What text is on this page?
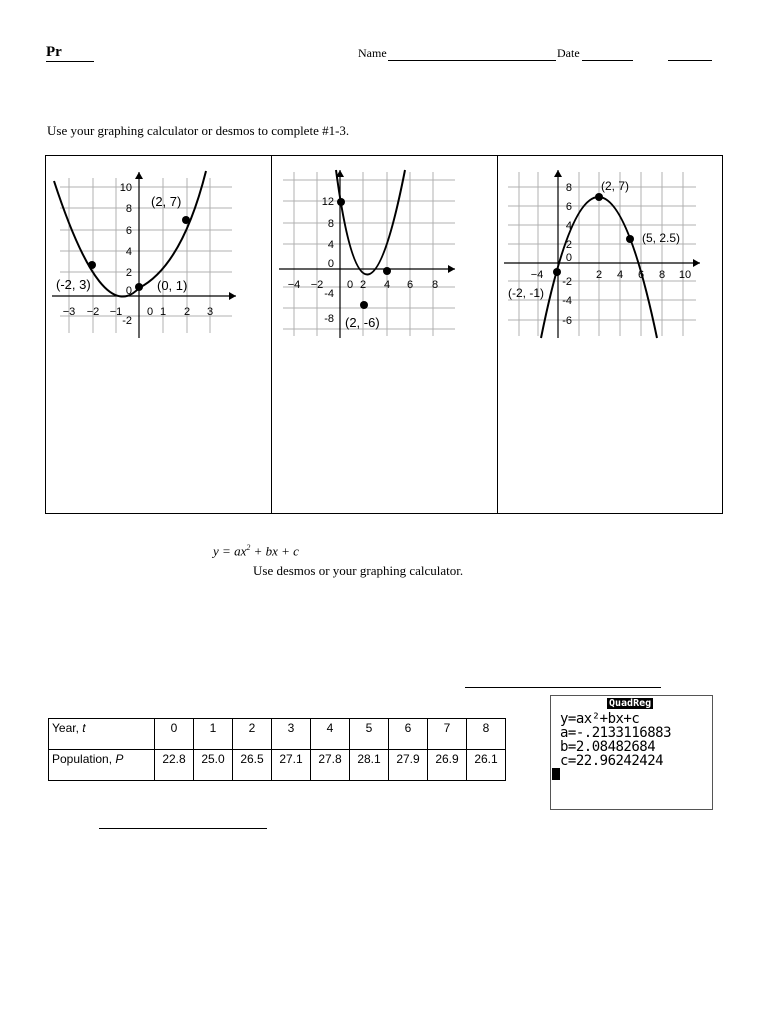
Pr	Name	Date
Use your graphing calculator or desmos to complete #1-3.
−3 −2 −1 0 1 2 3
10
8
6
4
2
0
-2
(-2, 3)	(0, 1)
(2, 7)
−4 −2 0 2 4 6 8
12
8
4
0
-4
-8 (2, -6)
−4	2 4 6 8 10
8
6
4
2
0
-2
-4
-6
(2, 7)
(5, 2.5)
(-2, -1)
$y = ax^2$ + bx + c
Use desmos or your graphing calculator.
Year, t	0	1	2	3	4	5	6	7	8
Population, P	22.8	25.0	26.5	27.1	27.8	28.1	27.9	26.9	26.1
QuadReg
y=ax²+bx+c
a=-.2133116883
b=2.08482684
c=22.96242424
